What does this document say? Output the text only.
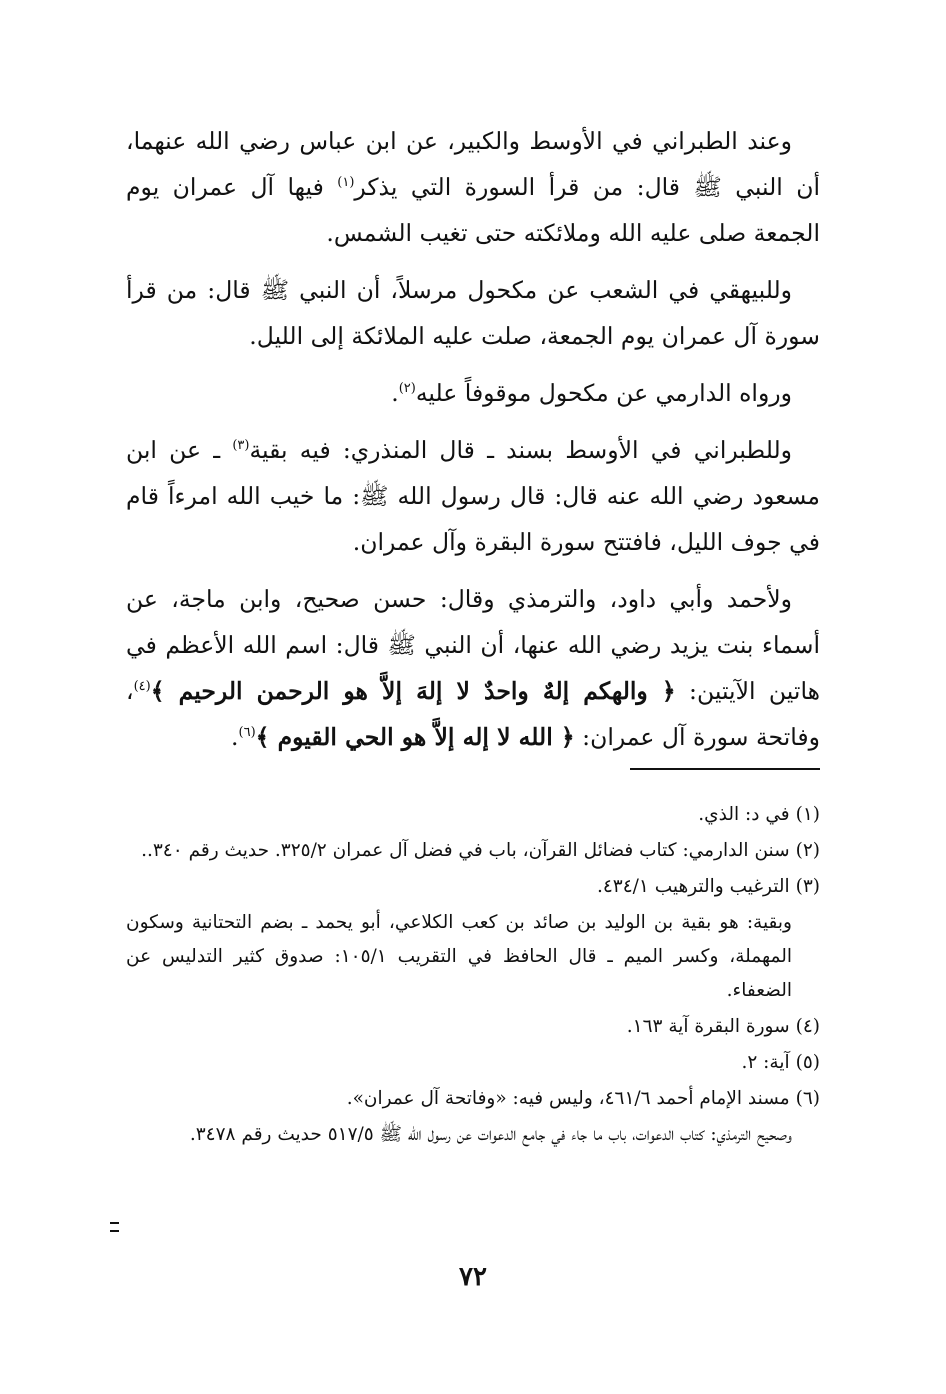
وعند الطبراني في الأوسط والكبير، عن ابن عباس رضي الله عنهما، أن النبي ﷺ قال: من قرأ السورة التي يذكر$^{(١)}$ فيها آل عمران يوم الجمعة صلى عليه الله وملائكته حتى تغيب الشمس.

وللبيهقي في الشعب عن مكحول مرسلاً، أن النبي ﷺ قال: من قرأ سورة آل عمران يوم الجمعة، صلت عليه الملائكة إلى الليل.

ورواه الدارمي عن مكحول موقوفاً عليه$^{(٢)}$.

وللطبراني في الأوسط بسند ـ قال المنذري: فيه بقية$^{(٣)}$ ـ عن ابن مسعود رضي الله عنه قال: قال رسول الله ﷺ: ما خيب الله امرءاً قام في جوف الليل، فافتتح سورة البقرة وآل عمران.

ولأحمد وأبي داود، والترمذي وقال: حسن صحيح، وابن ماجة، عن أسماء بنت يزيد رضي الله عنها، أن النبي ﷺ قال: اسم الله الأعظم في هاتين الآيتين: ﴿ والهكم إلهٌ واحدٌ لا إلهَ إلاَّ هو الرحمن الرحيم ﴾$^{(٤)}$، وفاتحة سورة آل عمران: ﴿ الله لا إله إلاَّ هو الحي القيوم ﴾$^{(٦)}$.

(١)في د: الذي.
(٢)سنن الدارمي: كتاب فضائل القرآن، باب في فضل آل عمران ٣٢٥/٢. حديث رقم ٣٤٠..
(٣)الترغيب والترهيب ٤٣٤/١.
وبقية: هو بقية بن الوليد بن صائد بن كعب الكلاعي، أبو يحمد ـ بضم التحتانية وسكون المهملة، وكسر الميم ـ قال الحافظ في التقريب ١٠٥/١: صدوق كثير التدليس عن الضعفاء.
(٤)سورة البقرة آية ١٦٣.
(٥)آية: ٢.
(٦)مسند الإمام أحمد ٤٦١/٦، وليس فيه: «وفاتحة آل عمران».
وصحيح الترمذي: كتاب الدعوات، باب ما جاء في جامع الدعوات عن رسول الله ﷺ ٥١٧/٥ حديث رقم ٣٤٧٨.
٧٢
